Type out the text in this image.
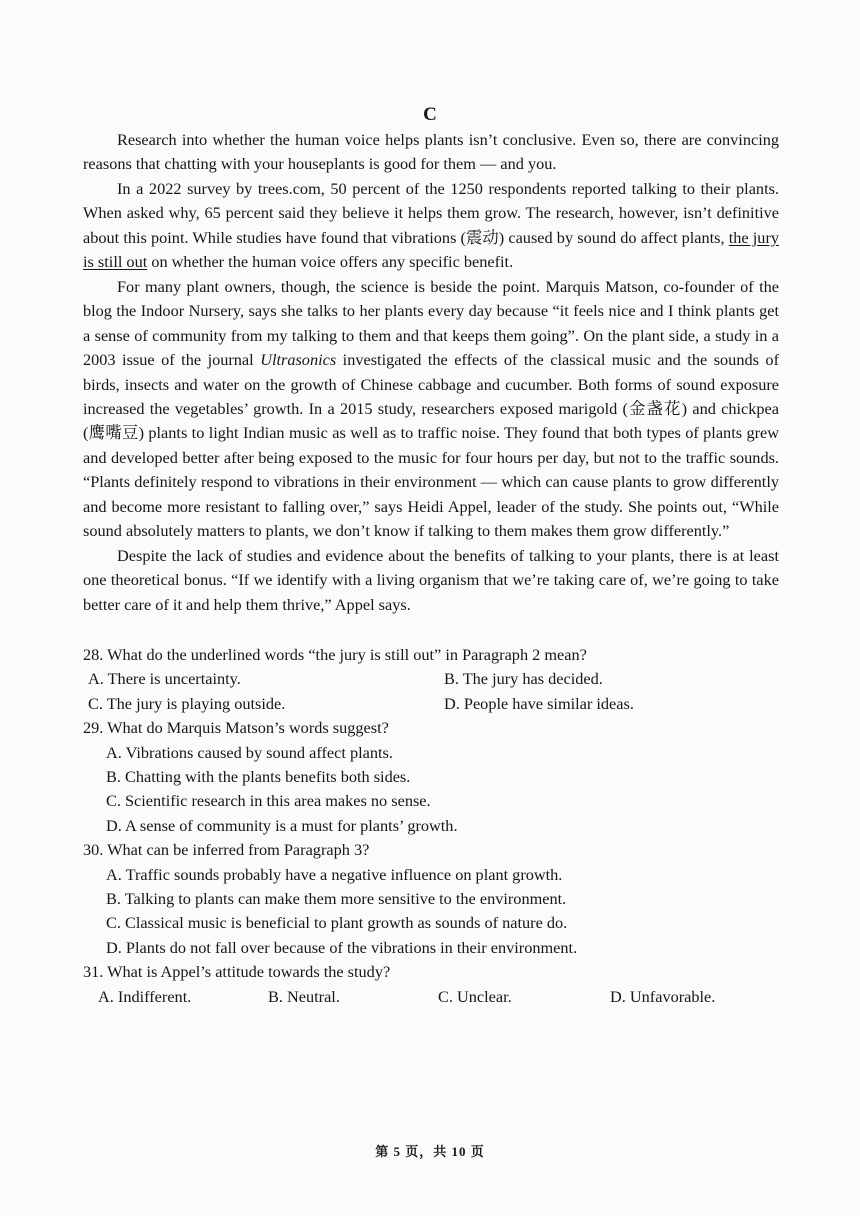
C

Research into whether the human voice helps plants isn’t conclusive. Even so, there are convincing reasons that chatting with your houseplants is good for them — and you.

In a 2022 survey by trees.com, 50 percent of the 1250 respondents reported talking to their plants. When asked why, 65 percent said they believe it helps them grow. The research, however, isn’t definitive about this point. While studies have found that vibrations (震动) caused by sound do affect plants, the jury is still out on whether the human voice offers any specific benefit.

For many plant owners, though, the science is beside the point. Marquis Matson, co-founder of the blog the Indoor Nursery, says she talks to her plants every day because “it feels nice and I think plants get a sense of community from my talking to them and that keeps them going”. On the plant side, a study in a 2003 issue of the journal Ultrasonics investigated the effects of the classical music and the sounds of birds, insects and water on the growth of Chinese cabbage and cucumber. Both forms of sound exposure increased the vegetables’ growth. In a 2015 study, researchers exposed marigold (金盏花) and chickpea (鹰嘴豆) plants to light Indian music as well as to traffic noise. They found that both types of plants grew and developed better after being exposed to the music for four hours per day, but not to the traffic sounds. “Plants definitely respond to vibrations in their environment — which can cause plants to grow differently and become more resistant to falling over,” says Heidi Appel, leader of the study. She points out, “While sound absolutely matters to plants, we don’t know if talking to them makes them grow differently.”

Despite the lack of studies and evidence about the benefits of talking to your plants, there is at least one theoretical bonus. “If we identify with a living organism that we’re taking care of, we’re going to take better care of it and help them thrive,” Appel says.

28. What do the underlined words “the jury is still out” in Paragraph 2 mean?

A. There is uncertainty.	B. The jury has decided.
C. The jury is playing outside.	D. People have similar ideas.

29. What do Marquis Matson’s words suggest?

A. Vibrations caused by sound affect plants.
B. Chatting with the plants benefits both sides.
C. Scientific research in this area makes no sense.
D. A sense of community is a must for plants’ growth.

30. What can be inferred from Paragraph 3?

A. Traffic sounds probably have a negative influence on plant growth.
B. Talking to plants can make them more sensitive to the environment.
C. Classical music is beneficial to plant growth as sounds of nature do.
D. Plants do not fall over because of the vibrations in their environment.

31. What is Appel’s attitude towards the study?

A. Indifferent.	B. Neutral.	C. Unclear.	D. Unfavorable.
第 5 页，共 10 页
